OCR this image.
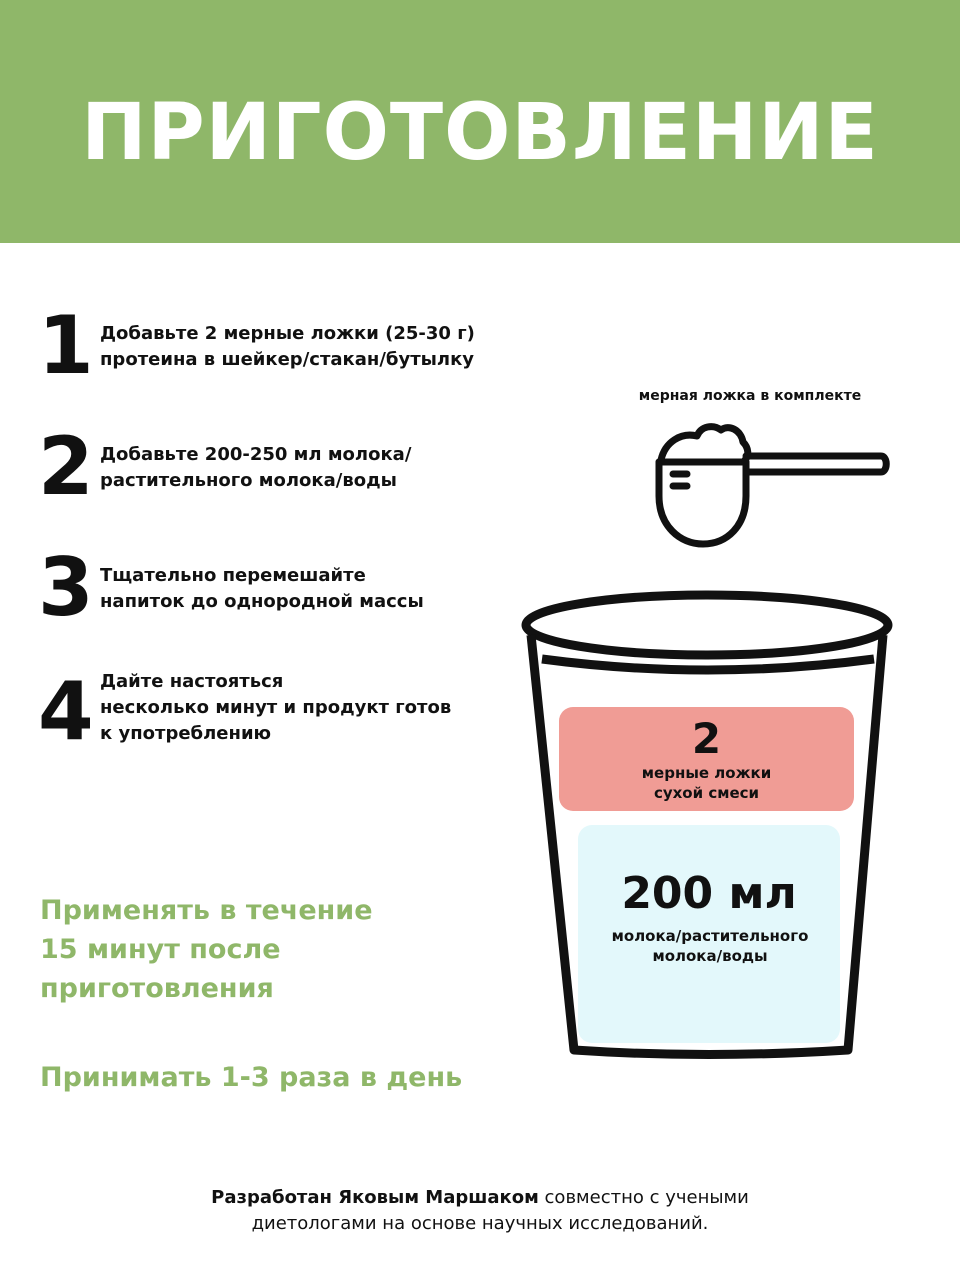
ПРИГОТОВЛЕНИЕ
1 Добавьте 2 мерные ложки (25-30 г)
протеина в шейкер/стакан/бутылку
2 Добавьте 200-250 мл молока/
растительного молока/воды
3 Тщательно перемешайте
напиток до однородной массы
4 Дайте настояться
несколько минут и продукт готов
к употреблению
Применять в течение
15 минут после
приготовления
Принимать 1-3 раза в день
мерная ложка в комплекте
2
мерные ложки
сухой смеси
200 мл
молока/растительного
молока/воды
Разработан Яковым Маршаком совместно с учеными
диетологами на основе научных исследований.
